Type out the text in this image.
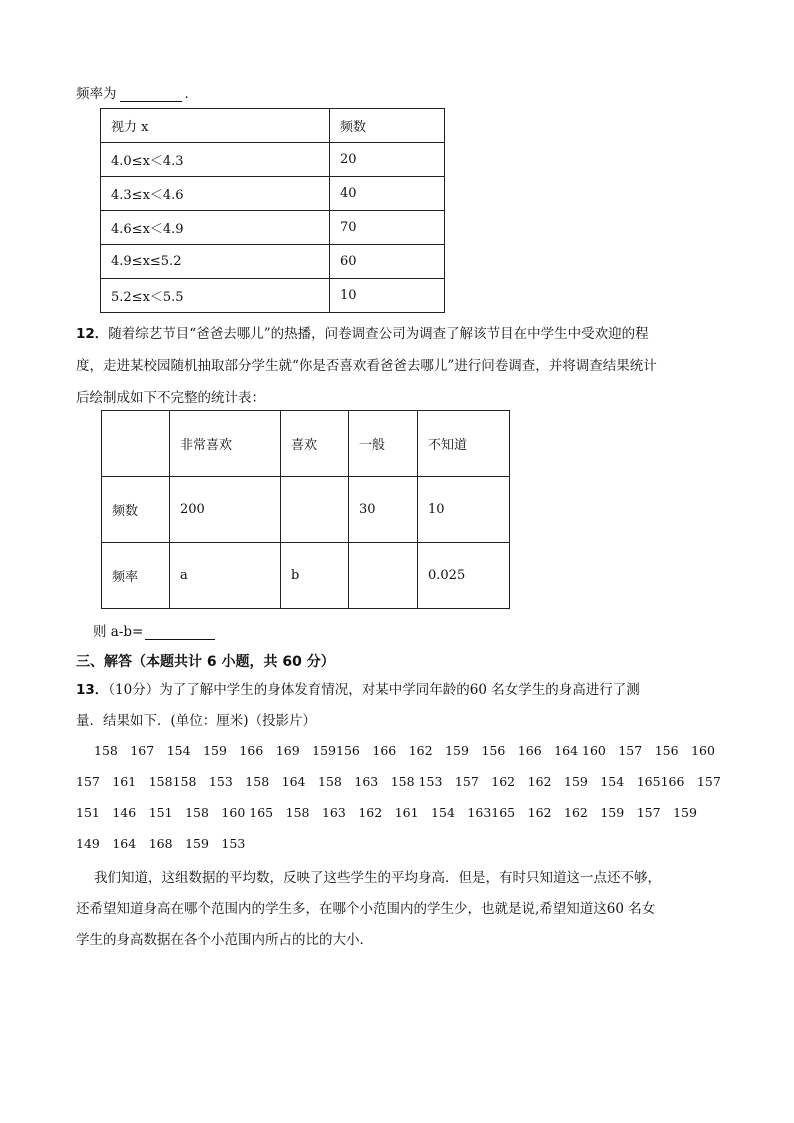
频率为	．
视力 x	频数
4.0≤x＜4.3	20
4.3≤x＜4.6	40
4.6≤x＜4.9	70
4.9≤x≤5.2	60
5.2≤x＜5.5	10
12．随着综艺节目“爸爸去哪儿”的热播，问卷调查公司为调查了解该节目在中学生中受欢迎的程
度，走进某校园随机抽取部分学生就“你是否喜欢看爸爸去哪儿”进行问卷调查，并将调查结果统计
后绘制成如下不完整的统计表：
	非常喜欢	喜欢	一般	不知道
频数	200		30	10
频率	a	b		0.025
则 a-b=
三、解答（本题共计 6 小题，共 60 分）
13．（10分）为了了解中学生的身体发育情况，对某中学同年龄的60 名女学生的身高进行了测
量．结果如下．(单位：厘米)（投影片）
158　167　154　159　166　169　159156　166　162　159　156　166　164 160　157　156　160
157　161　158158　153　158　164　158　163　158 153　157　162　162　159　154　165166　157
151　146　151　158　160 165　158　163　162　161　154　163165　162　162　159　157　159
149　164　168　159　153
我们知道，这组数据的平均数，反映了这些学生的平均身高．但是，有时只知道这一点还不够，
还希望知道身高在哪个范围内的学生多，在哪个小范围内的学生少，也就是说,希望知道这60 名女
学生的身高数据在各个小范围内所占的比的大小．
